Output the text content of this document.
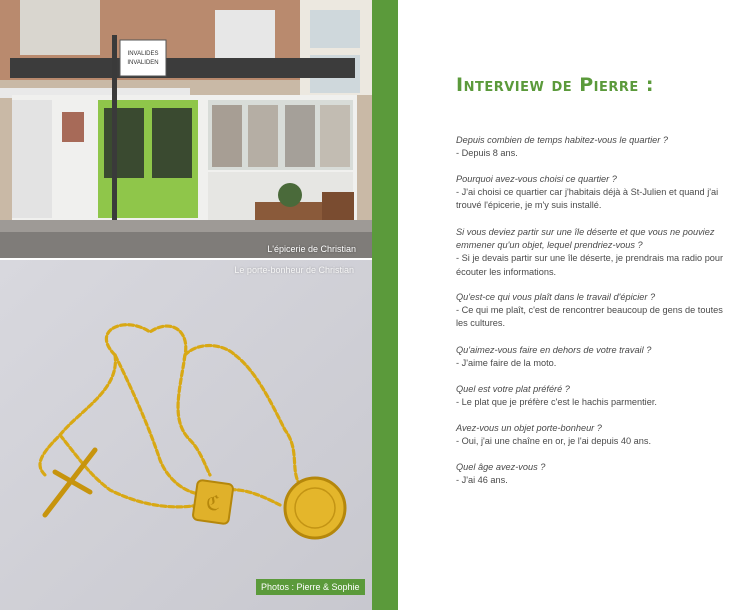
INVALIDES
INVALIDEN
L'épicerie de Christian
ℭ
Le porte-bonheur de Christian
Photos : Pierre & Sophie
Interview de Pierre :
Depuis combien de temps habitez-vous le quartier ?
- Depuis 8 ans.
Pourquoi avez-vous choisi ce quartier ?
- J'ai choisi ce quartier car j'habitais déjà à St-Julien et quand j'ai trouvé l'épicerie, je m'y suis installé.
Si vous deviez partir sur une île déserte et que vous ne pouviez emmener qu'un objet, lequel prendriez-vous ?
- Si je devais partir sur une île déserte, je prendrais ma radio pour écouter les informations.
Qu'est-ce qui vous plaît dans le travail d'épicier ?
- Ce qui me plaît, c'est de rencontrer beaucoup de gens de toutes les cultures.
Qu'aimez-vous faire en dehors de votre travail ?
- J'aime faire de la moto.
Quel est votre plat préféré ?
- Le plat que je préfère c'est le hachis parmentier.
Avez-vous un objet porte-bonheur ?
- Oui, j'ai une chaîne en or, je l'ai depuis 40 ans.
Quel âge avez-vous ?
- J'ai 46 ans.
